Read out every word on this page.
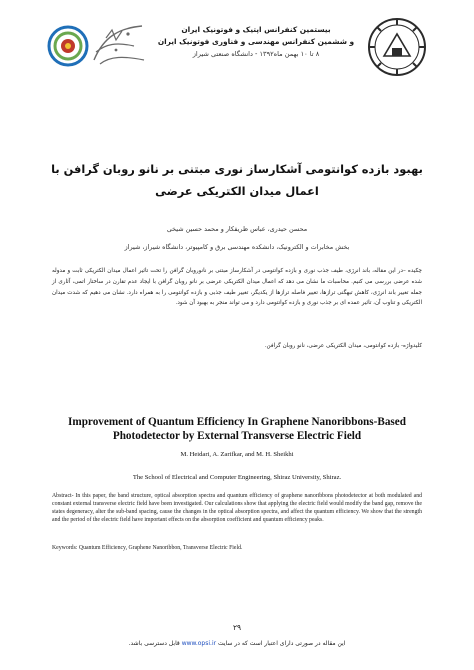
بیستمین کنفرانس اپتیک و فوتونیک ایران
و ششمین کنفرانس مهندسی و فناوری فوتونیک ایران
۸ تا ۱۰ بهمن ماه۱۳۹۲ - دانشگاه صنعتی شیراز
بهبود بازده کوانتومی آشکارساز نوری مبتنی بر نانو روبان گرافن با اعمال میدان الکتریکی عرضی
محسن حیدری، عباس ظریفکار و محمد حسین شیخی
بخش مخابرات و الکترونیک، دانشکده مهندسی برق و کامپیوتر، دانشگاه شیراز، شیراز
چکیده –در این مقاله، باند انرژی، طیف جذب نوری و بازده کوانتومی در آشکارساز مبتنی بر نانوروبان گرافن را تحت تاثیر اعمال میدان الکتریکی ثابت و مدوله شده عرضی بررسی می کنیم. محاسبات ما نشان می دهد که اعمال میدان الکتریکی عرضی بر نانو روبان گرافن با ایجاد عدم تقارن در ساختار اتمی، آثاری از جمله تغییر باند انرژی، کاهش تبهگنی ترازها، تغییر فاصله ترازها از یکدیگر، تغییر طیف جذبی و بازده کوانتومی را به همراه دارد. نشان می دهیم که شدت میدان الکتریکی و تناوب آن، تاثیر عمده ای بر جذب نوری و بازده کوانتومی دارد و می تواند منجر به بهبود آن شود.
کلید‌واژه- بازده کوانتومی، میدان الکتریکی عرضی، نانو روبان گرافن.
Improvement of Quantum Efficiency In Graphene Nanoribbons-Based Photodetector by External Transverse Electric Field
M. Heidari, A. Zarifkar, and M. H. Sheikhi
The School of Electrical and Computer Engineering, Shiraz University, Shiraz.
Abstract- In this paper, the band structure, optical absorption spectra and quantum efficiency of graphene nanoribbons photodetector at both modulated and constant external transverse electric field have been investigated. Our calculations show that applying the electric field would modify the band gap, remove the states degeneracy, alter the sub-band spacing, cause the changes in the optical absorption spectra, and affect the quantum efficiency. We show that the strength and the period of the electric field have important effects on the absorption coefficient and quantum efficiency peaks.
Keywords: Quantum Efficiency, Graphene Nanoribbon, Transverse Electric Field.
۲۹
این مقاله در صورتی دارای اعتبار است که در سایت www.opsi.ir قابل دسترسی باشد.
